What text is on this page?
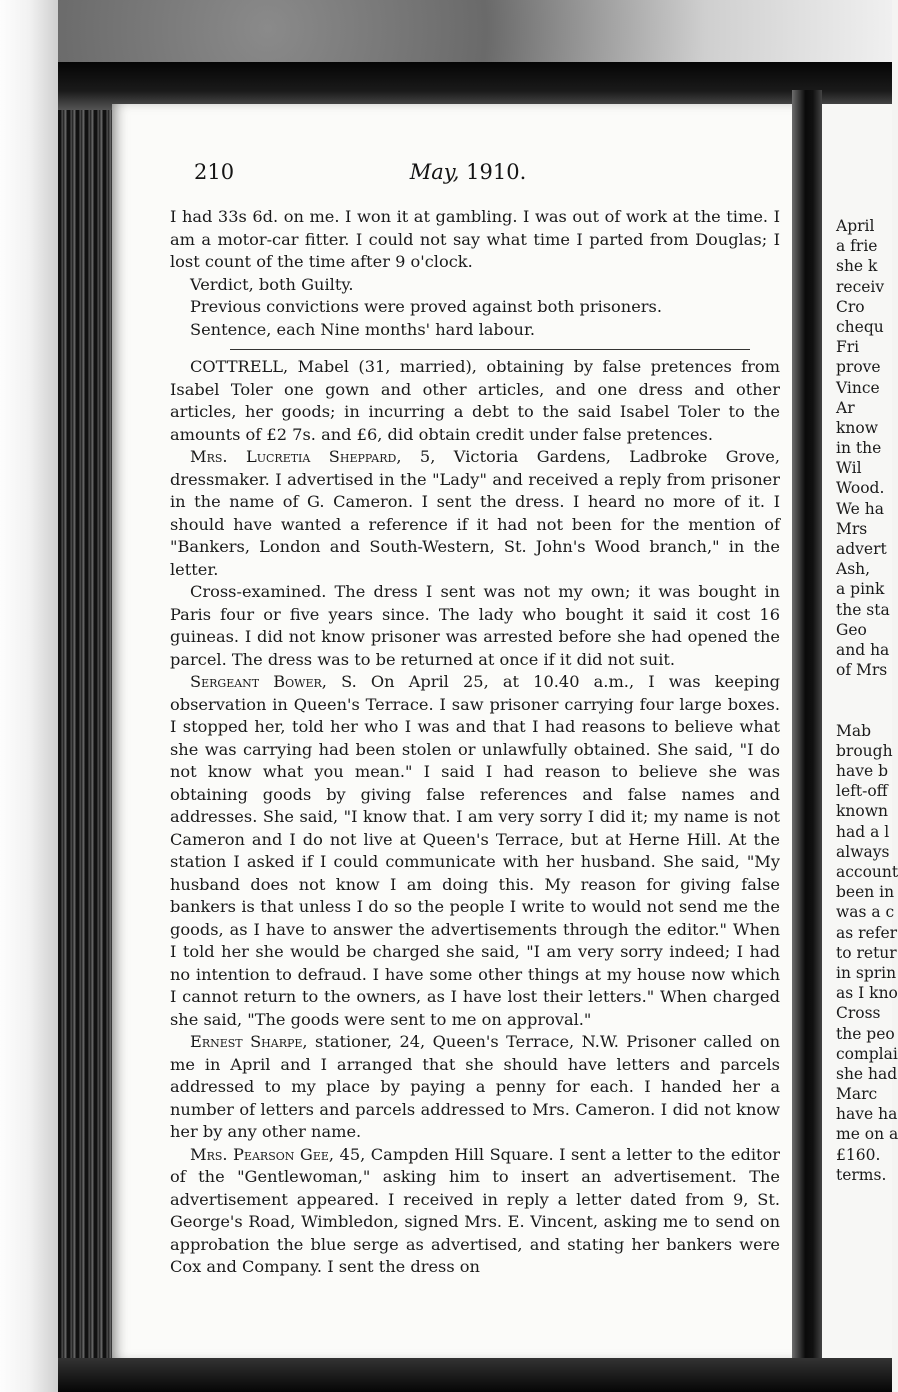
210	May, 1910.

I had 33s 6d. on me. I won it at gambling. I was out of work at the time. I am a motor-car fitter. I could not say what time I parted from Douglas; I lost count of the time after 9 o'clock.

Verdict, both Guilty.

Previous convictions were proved against both prisoners.

Sentence, each Nine months' hard labour.

COTTRELL, Mabel (31, married), obtaining by false pretences from Isabel Toler one gown and other articles, and one dress and other articles, her goods; in incurring a debt to the said Isabel Toler to the amounts of £2 7s. and £6, did obtain credit under false pretences.

Mrs. Lucretia Sheppard, 5, Victoria Gardens, Ladbroke Grove, dressmaker. I advertised in the "Lady" and received a reply from prisoner in the name of G. Cameron. I sent the dress. I heard no more of it. I should have wanted a reference if it had not been for the mention of "Bankers, London and South-Western, St. John's Wood branch," in the letter.

Cross-examined. The dress I sent was not my own; it was bought in Paris four or five years since. The lady who bought it said it cost 16 guineas. I did not know prisoner was arrested before she had opened the parcel. The dress was to be returned at once if it did not suit.

Sergeant Bower, S. On April 25, at 10.40 a.m., I was keeping observation in Queen's Terrace. I saw prisoner carrying four large boxes. I stopped her, told her who I was and that I had reasons to believe what she was carrying had been stolen or unlawfully obtained. She said, "I do not know what you mean." I said I had reason to believe she was obtaining goods by giving false references and false names and addresses. She said, "I know that. I am very sorry I did it; my name is not Cameron and I do not live at Queen's Terrace, but at Herne Hill. At the station I asked if I could communicate with her husband. She said, "My husband does not know I am doing this. My reason for giving false bankers is that unless I do so the people I write to would not send me the goods, as I have to answer the advertisements through the editor." When I told her she would be charged she said, "I am very sorry indeed; I had no intention to defraud. I have some other things at my house now which I cannot return to the owners, as I have lost their letters." When charged she said, "The goods were sent to me on approval."

Ernest Sharpe, stationer, 24, Queen's Terrace, N.W. Prisoner called on me in April and I arranged that she should have letters and parcels addressed to my place by paying a penny for each. I handed her a number of letters and parcels addressed to Mrs. Cameron. I did not know her by any other name.

Mrs. Pearson Gee, 45, Campden Hill Square. I sent a letter to the editor of the "Gentlewoman," asking him to insert an advertisement. The advertisement appeared. I received in reply a letter dated from 9, St. George's Road, Wimbledon, signed Mrs. E. Vincent, asking me to send on approbation the blue serge as advertised, and stating her bankers were Cox and Company. I sent the dress on

April
a frie
she k
receiv
Cro
chequ
Fri
prove
Vince
Ar
know
in the
Wil
Wood.
We ha
Mrs
advert
Ash,
a pink
the sta
Geo
and ha
of Mrs
Mab
brough
have b
left-off
known
had a l
always
account
been in
was a c
as refer
to retur
in sprin
as I kno
Cross
the peo
complai
she had
Marc
have ha
me on a
£160.
terms.
